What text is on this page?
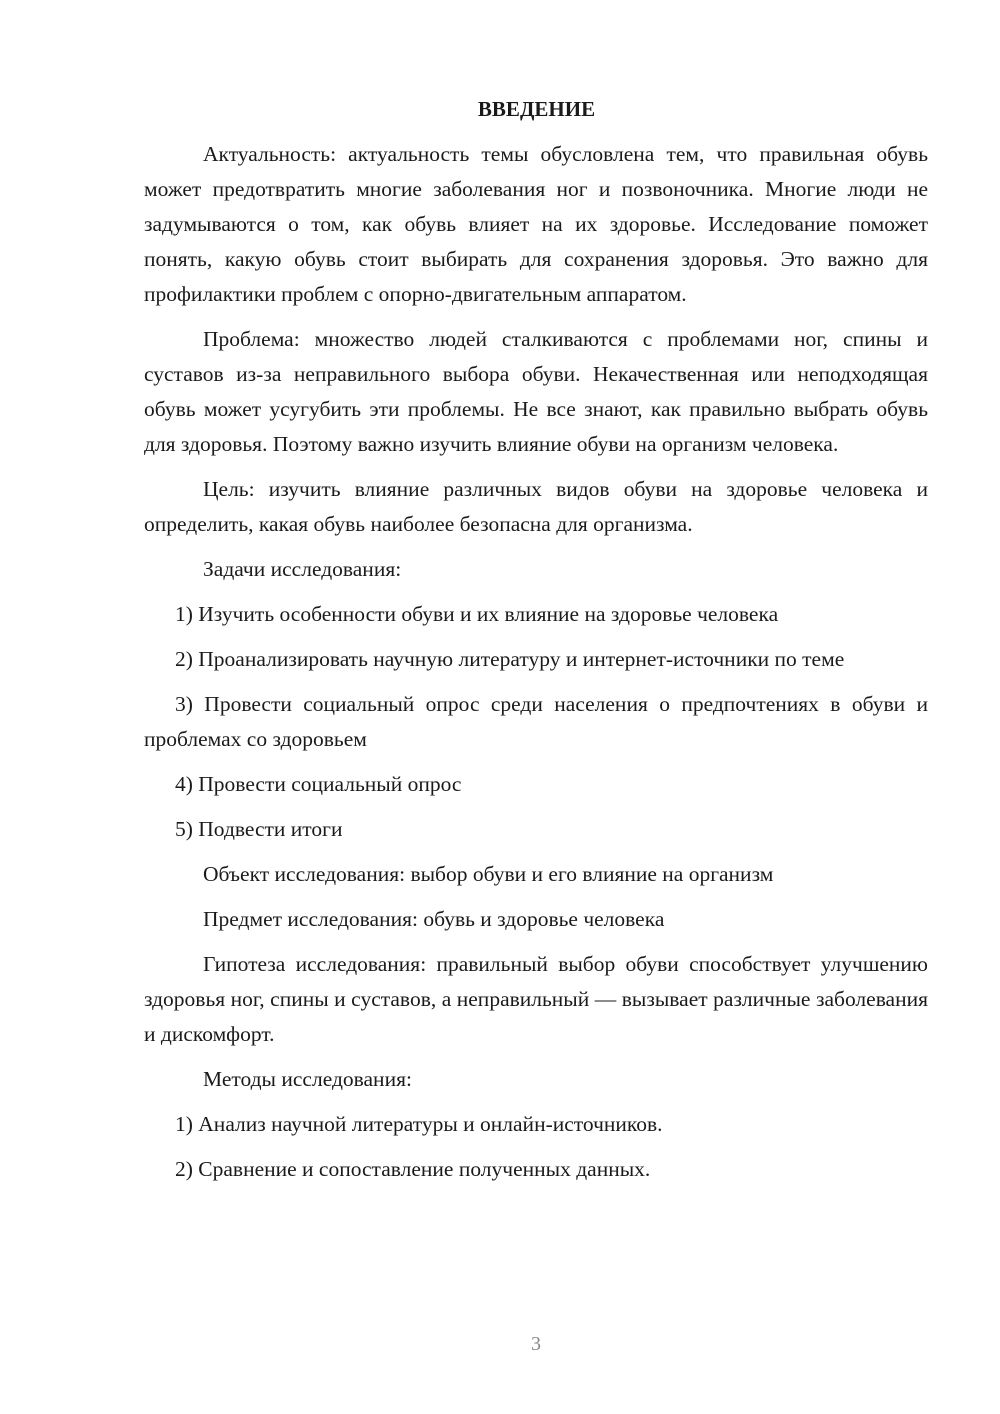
ВВЕДЕНИЕ

Актуальность: актуальность темы обусловлена тем, что правильная обувь может предотвратить многие заболевания ног и позвоночника. Многие люди не задумываются о том, как обувь влияет на их здоровье. Исследование поможет понять, какую обувь стоит выбирать для сохранения здоровья. Это важно для профилактики проблем с опорно-двигательным аппаратом.

Проблема: множество людей сталкиваются с проблемами ног, спины и суставов из-за неправильного выбора обуви. Некачественная или неподходящая обувь может усугубить эти проблемы. Не все знают, как правильно выбрать обувь для здоровья. Поэтому важно изучить влияние обуви на организм человека.

Цель: изучить влияние различных видов обуви на здоровье человека и определить, какая обувь наиболее безопасна для организма.

Задачи исследования:

1) Изучить особенности обуви и их влияние на здоровье человека

2) Проанализировать научную литературу и интернет-источники по теме

3) Провести социальный опрос среди населения о предпочтениях в обуви и проблемах со здоровьем

4) Провести социальный опрос

5) Подвести итоги

Объект исследования: выбор обуви и его влияние на организм

Предмет исследования: обувь и здоровье человека

Гипотеза исследования: правильный выбор обуви способствует улучшению здоровья ног, спины и суставов, а неправильный — вызывает различные заболевания и дискомфорт.

Методы исследования:

1) Анализ научной литературы и онлайн-источников.

2) Сравнение и сопоставление полученных данных.

3
